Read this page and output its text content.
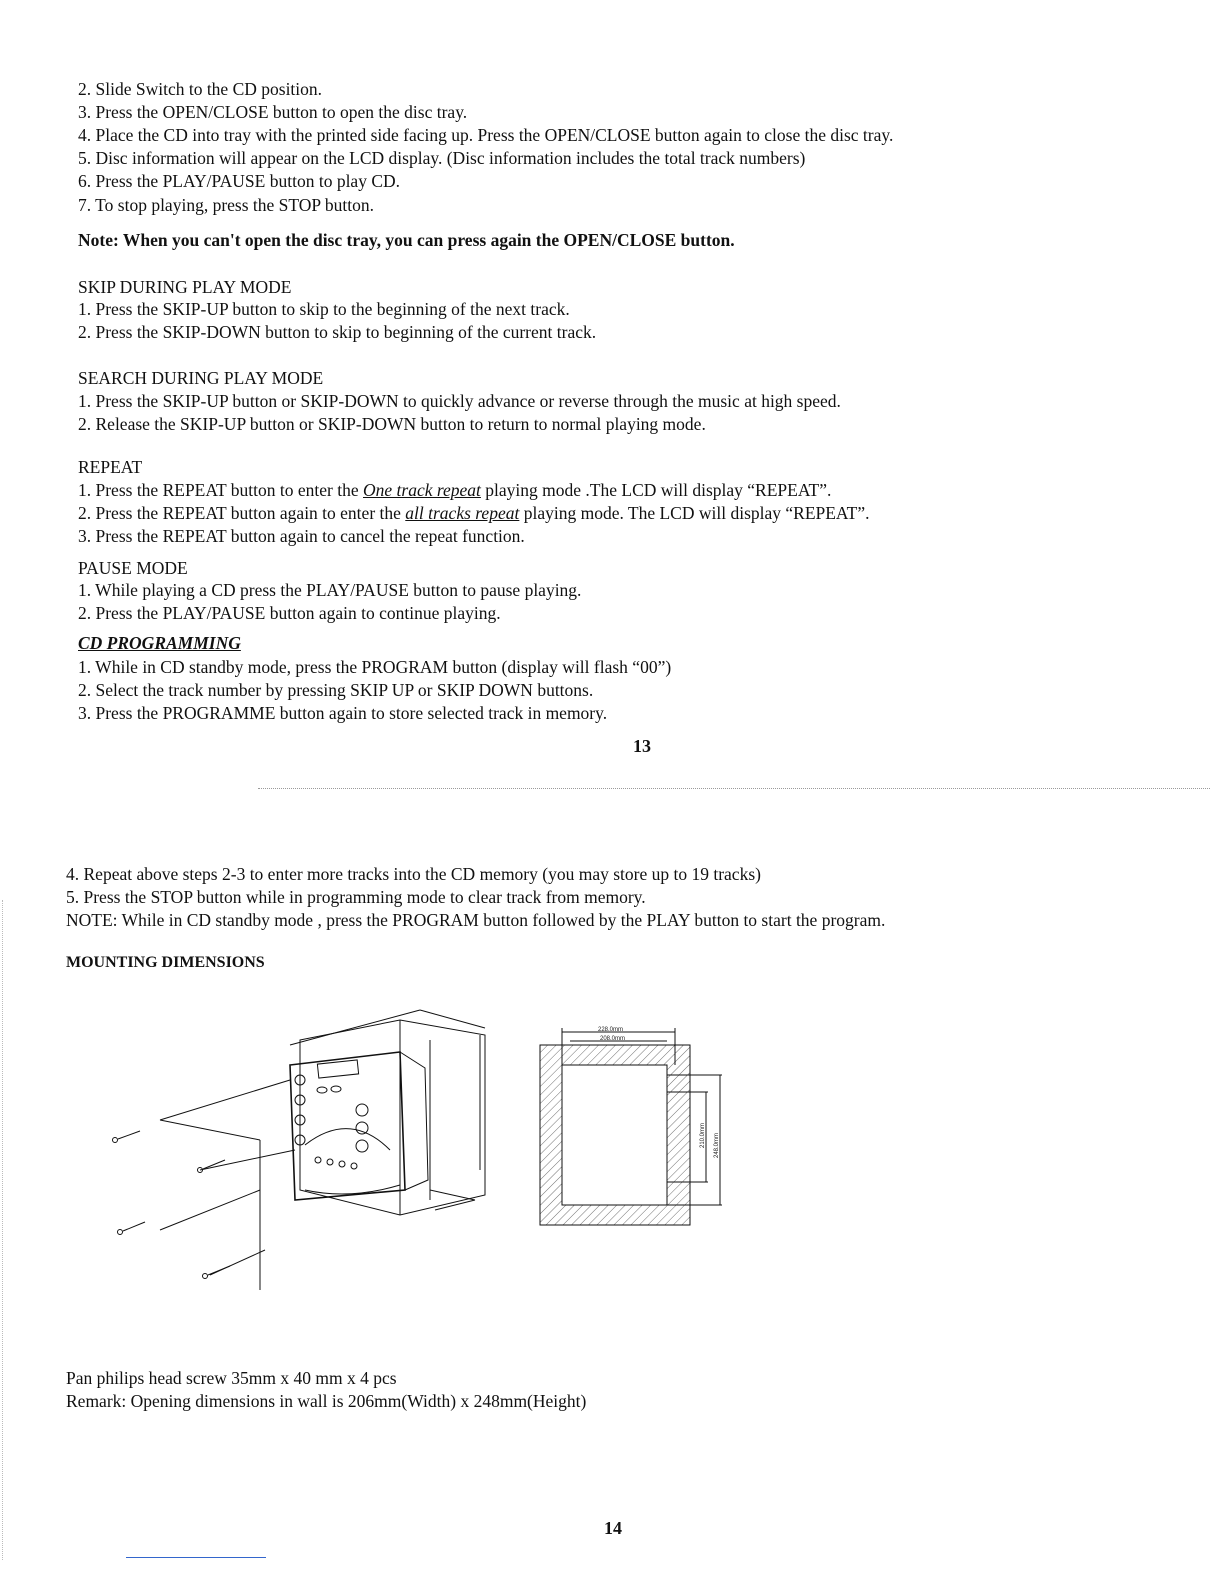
2. Slide Switch to the CD position.
3. Press the OPEN/CLOSE button to open the disc tray.
4. Place the CD into tray with the printed side facing up. Press the OPEN/CLOSE button again to close the disc tray.
5. Disc information will appear on the LCD display. (Disc information includes the total track numbers)
6. Press the PLAY/PAUSE button to play CD.
7. To stop playing, press the STOP button.
Note: When you can't open the disc tray, you can press again the OPEN/CLOSE button.
SKIP DURING PLAY MODE
1. Press the SKIP-UP button to skip to the beginning of the next track.
2. Press the SKIP-DOWN button to skip to beginning of the current track.
SEARCH DURING PLAY MODE
1. Press the SKIP-UP button or SKIP-DOWN to quickly advance or reverse through the music at high speed.
2. Release the SKIP-UP button or SKIP-DOWN button to return to normal playing mode.
REPEAT
1. Press the REPEAT button to enter the One track repeat playing mode .The LCD will display “REPEAT”.
2. Press the REPEAT button again to enter the all tracks repeat playing mode. The LCD will display “REPEAT”.
3. Press the REPEAT button again to cancel the repeat function.
PAUSE MODE
1. While playing a CD press the PLAY/PAUSE button to pause playing.
2. Press the PLAY/PAUSE button again to continue playing.
CD PROGRAMMING
1. While in CD standby mode, press the PROGRAM button (display will flash “00”)
2. Select the track number by pressing SKIP UP or SKIP DOWN buttons.
3. Press the PROGRAMME button again to store selected track in memory.
13
4. Repeat above steps 2-3 to enter more tracks into the CD memory (you may store up to 19 tracks)
5. Press the STOP button while in programming mode to clear track from memory.
NOTE: While in CD standby mode , press the PROGRAM button followed by the PLAY button to start the program.
MOUNTING DIMENSIONS
228.0mm
208.0mm
210.0mm 248.0mm
Pan philips head screw 35mm x 40 mm x 4 pcs
Remark: Opening dimensions in wall is 206mm(Width) x 248mm(Height)
14
